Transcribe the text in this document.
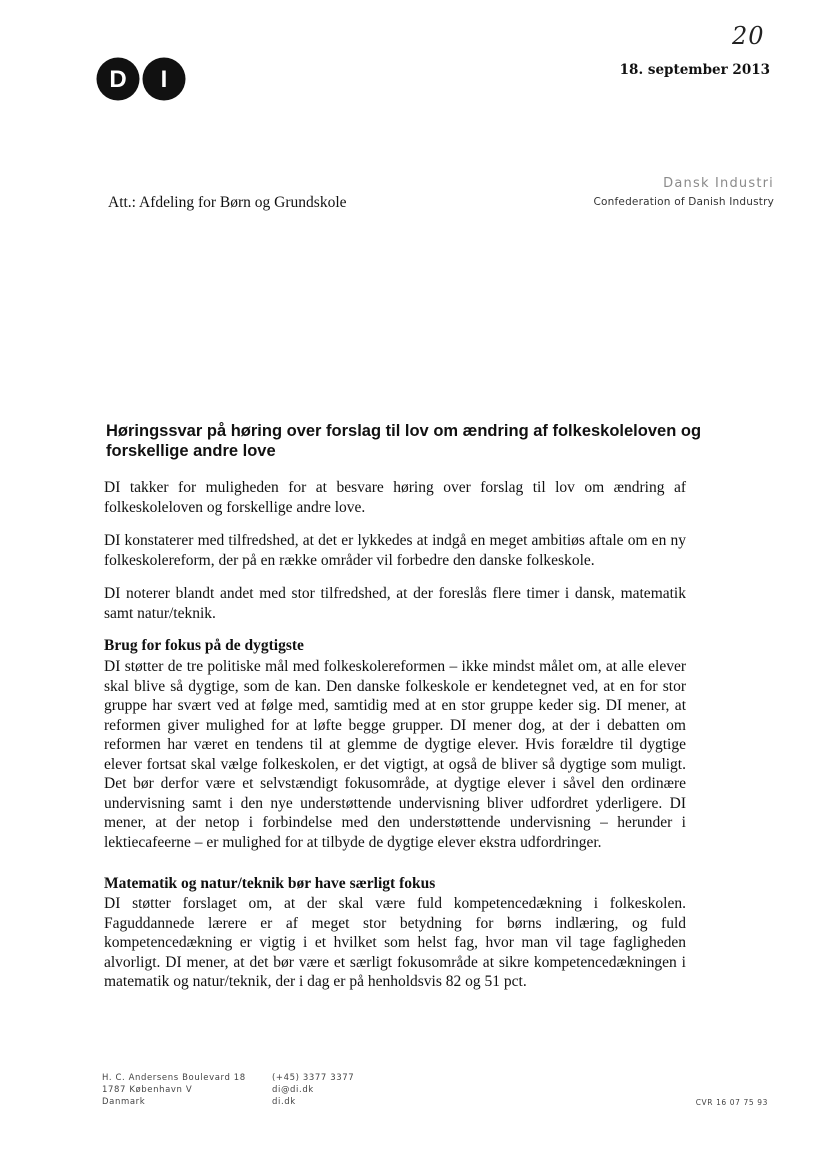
20
D I	18. september 2013
Dansk Industri
Confederation of Danish Industry
Att.: Afdeling for Børn og Grundskole
Høringssvar på høring over forslag til lov om ændring af folkeskoleloven og forskellige andre love

DI takker for muligheden for at besvare høring over forslag til lov om ændring af folkeskoleloven og forskellige andre love.

DI konstaterer med tilfredshed, at det er lykkedes at indgå en meget ambitiøs aftale om en ny folkeskolereform, der på en række områder vil forbedre den danske folkeskole.

DI noterer blandt andet med stor tilfredshed, at der foreslås flere timer i dansk, matematik samt natur/teknik.

Brug for fokus på de dygtigste

DI støtter de tre politiske mål med folkeskolereformen – ikke mindst målet om, at alle elever skal blive så dygtige, som de kan. Den danske folkeskole er kendetegnet ved, at en for stor gruppe har svært ved at følge med, samtidig med at en stor gruppe keder sig. DI mener, at reformen giver mulighed for at løfte begge grupper. DI mener dog, at der i debatten om reformen har været en tendens til at glemme de dygtige elever. Hvis forældre til dygtige elever fortsat skal vælge folkeskolen, er det vigtigt, at også de bliver så dygtige som muligt. Det bør derfor være et selvstændigt fokusområde, at dygtige elever i såvel den ordinære undervisning samt i den nye understøttende undervisning bliver udfordret yderligere. DI mener, at der netop i forbindelse med den understøttende undervisning – herunder i lektiecafeerne – er mulighed for at tilbyde de dygtige elever ekstra udfordringer.

Matematik og natur/teknik bør have særligt fokus

DI støtter forslaget om, at der skal være fuld kompetencedækning i folkeskolen. Faguddannede lærere er af meget stor betydning for børns indlæring, og fuld kompetencedækning er vigtig i et hvilket som helst fag, hvor man vil tage fagligheden alvorligt. DI mener, at det bør være et særligt fokusområde at sikre kompetencedækningen i matematik og natur/teknik, der i dag er på henholdsvis 82 og 51 pct.

H. C. Andersens Boulevard 18
1787 København V
Danmark
(+45) 3377 3377
di@di.dk
di.dk	CVR 16 07 75 93
